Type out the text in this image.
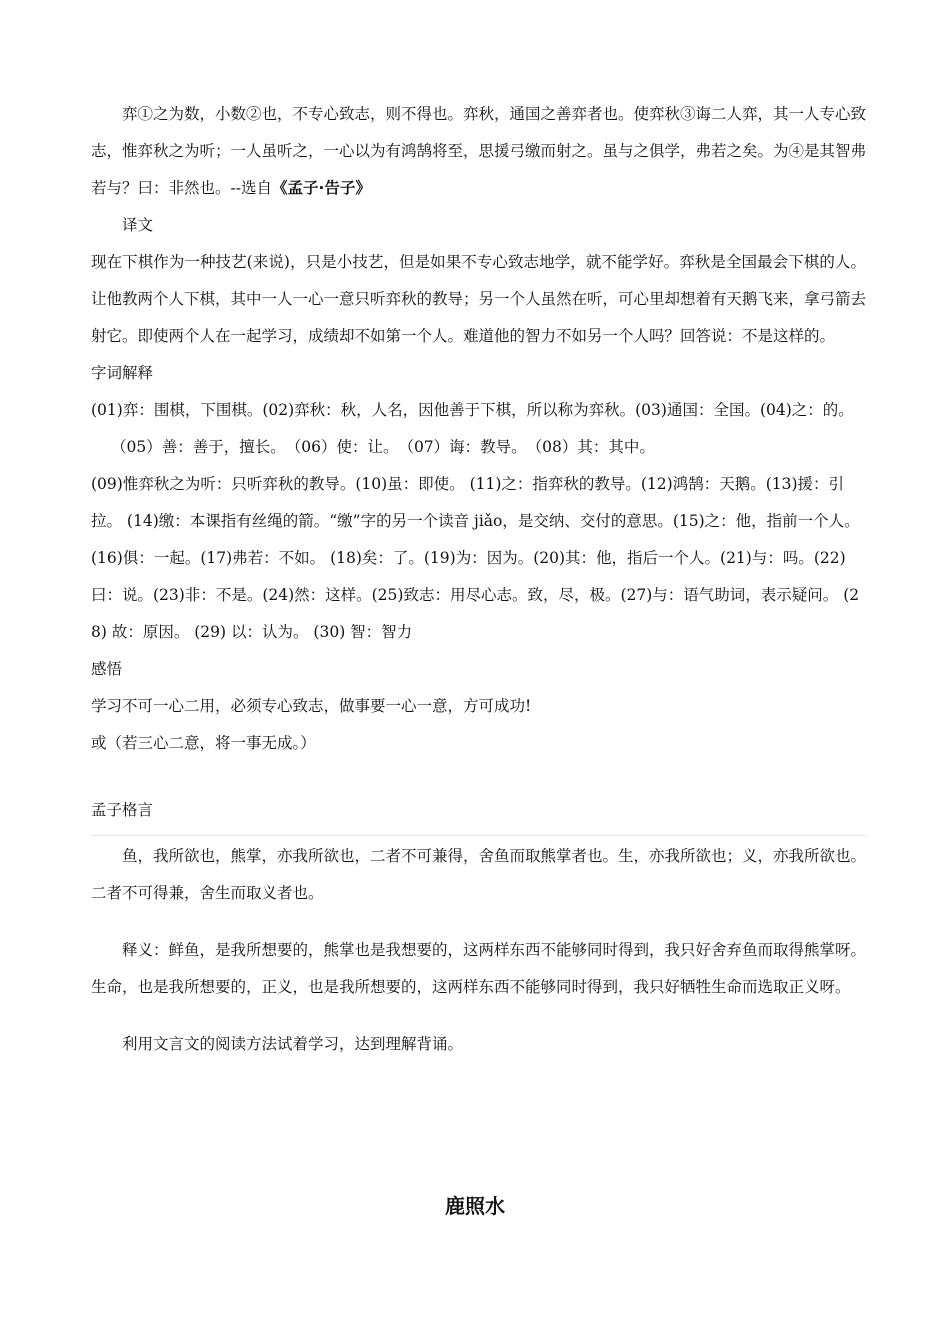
弈①之为数，小数②也，不专心致志，则不得也。弈秋，通国之善弈者也。使弈秋③诲二人弈，其一人专心致志，惟弈秋之为听；一人虽听之，一心以为有鸿鹄将至，思援弓缴而射之。虽与之俱学，弗若之矣。为④是其智弗若与？曰：非然也。--选自《孟子·告子》

译文

现在下棋作为一种技艺(来说)，只是小技艺，但是如果不专心致志地学，就不能学好。弈秋是全国最会下棋的人。让他教两个人下棋，其中一人一心一意只听弈秋的教导；另一个人虽然在听，可心里却想着有天鹅飞来，拿弓箭去射它。即使两个人在一起学习，成绩却不如第一个人。难道他的智力不如另一个人吗？回答说：不是这样的。

字词解释

(01)弈：围棋，下围棋。(02)弈秋：秋，人名，因他善于下棋，所以称为弈秋。(03)通国：全国。(04)之：的。

（05）善：善于，擅长。　（06）使：让。　（07）诲：教导。　（08）其：其中。

(09)惟弈秋之为听：只听弈秋的教导。(10)虽：即使。 (11)之：指弈秋的教导。(12)鸿鹄：天鹅。(13)援：引拉。 (14)缴：本课指有丝绳的箭。“缴”字的另一个读音 jiǎo，是交纳、交付的意思。(15)之：他，指前一个人。(16)俱：一起。(17)弗若：不如。 (18)矣：了。(19)为：因为。(20)其：他，指后一个人。(21)与：吗。(22)曰：说。(23)非：不是。(24)然：这样。(25)致志：用尽心志。致，尽，极。(27)与：语气助词，表示疑问。 (28) 故：原因。 (29) 以：认为。 (30) 智：智力

感悟

学习不可一心二用，必须专心致志，做事要一心一意，方可成功!

或（若三心二意，将一事无成。）

孟子格言

鱼，我所欲也，熊掌，亦我所欲也，二者不可兼得，舍鱼而取熊掌者也。生，亦我所欲也；义，亦我所欲也。二者不可得兼，舍生而取义者也。

释义：鲜鱼，是我所想要的，熊掌也是我想要的，这两样东西不能够同时得到，我只好舍弃鱼而取得熊掌呀。生命，也是我所想要的，正义，也是我所想要的，这两样东西不能够同时得到，我只好牺牲生命而选取正义呀。

利用文言文的阅读方法试着学习，达到理解背诵。

鹿照水
